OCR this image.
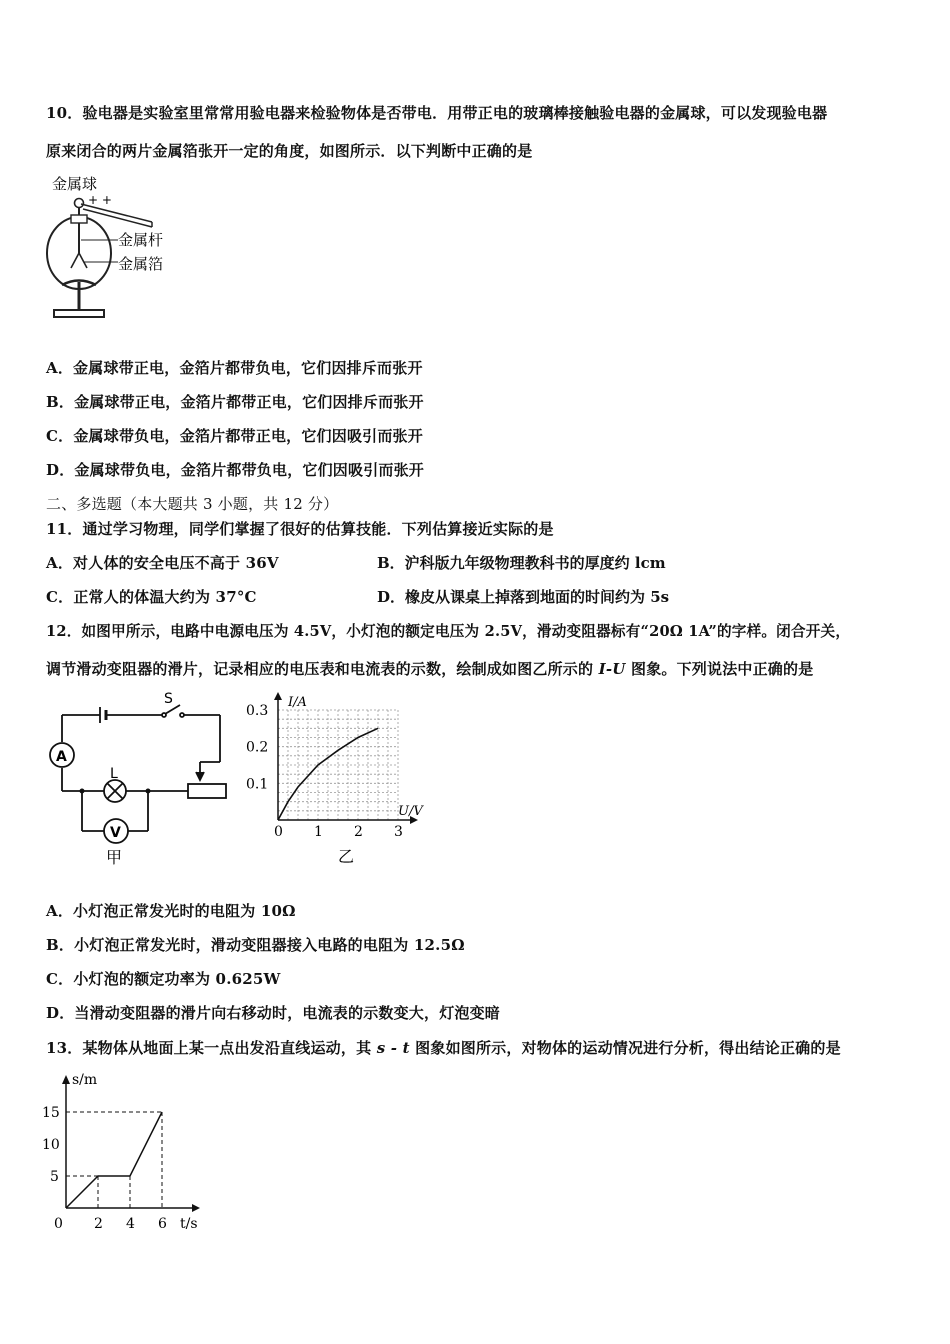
10．验电器是实验室里常常用验电器来检验物体是否带电．用带正电的玻璃棒接触验电器的金属球，可以发现验电器
原来闭合的两片金属箔张开一定的角度，如图所示．以下判断中正确的是
金属球
+ +
金属杆
金属箔
A．金属球带正电，金箔片都带负电，它们因排斥而张开
B．金属球带正电，金箔片都带正电，它们因排斥而张开
C．金属球带负电，金箔片都带正电，它们因吸引而张开
D．金属球带负电，金箔片都带负电，它们因吸引而张开
二、多选题（本大题共 3 小题，共 12 分）
11．通过学习物理，同学们掌握了很好的估算技能．下列估算接近实际的是
A．对人体的安全电压不高于 36V	B．沪科版九年级物理教科书的厚度约 lcm
C．正常人的体温大约为 37°C	D．橡皮从课桌上掉落到地面的时间约为 5s
12．如图甲所示，电路中电源电压为 4.5V，小灯泡的额定电压为 2.5V，滑动变阻器标有“20Ω 1A”的字样。闭合开关，
调节滑动变阻器的滑片，记录相应的电压表和电流表的示数，绘制成如图乙所示的 I-U 图象。下列说法中正确的是
A
V
S
L
甲
0 1 2 3
0.1
0.2
0.3
I/A
U/V
乙
A．小灯泡正常发光时的电阻为 10Ω
B．小灯泡正常发光时，滑动变阻器接入电路的电阻为 12.5Ω
C．小灯泡的额定功率为 0.625W
D．当滑动变阻器的滑片向右移动时，电流表的示数变大，灯泡变暗
13．某物体从地面上某一点出发沿直线运动，其 s - t 图象如图所示，对物体的运动情况进行分析，得出结论正确的是
0 2 4 6
5
10
15
s/m
t/s
